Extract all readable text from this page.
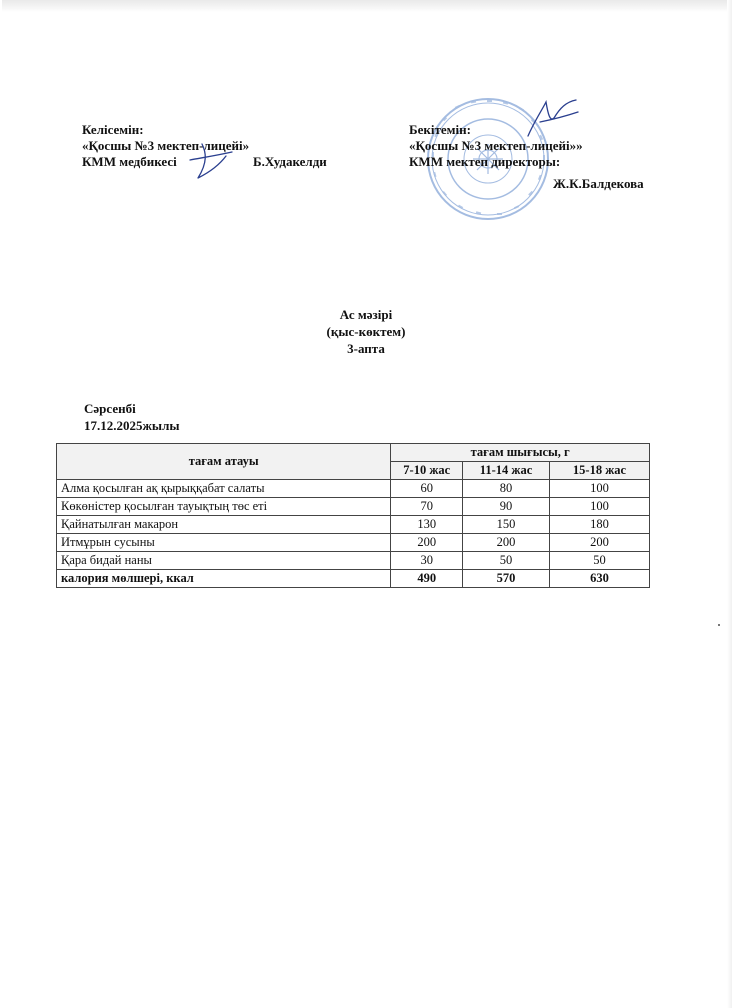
Келісемін:
«Қосшы №3 мектеп-лицейі»
КММ медбикесі	Б.Худакелди
Бекітемін:
«Қосшы №3 мектеп-лицейі»»
КММ мектеп директоры:
Ж.К.Балдекова
Ас мәзірі
(қыс-көктем)
3-апта
Сәрсенбі
17.12.2025жылы
тағам атауы	тағам шығысы, г		
	7-10 жас	11-14 жас	15-18 жас
Алма қосылған ақ қырыққабат салаты	60	80	100
Көкөністер қосылған тауықтың төс еті	70	90	100
Қайнатылған макарон	130	150	180
Итмұрын сусыны	200	200	200
Қара бидай наны	30	50	50
калория мөлшері, ккал	490	570	630
